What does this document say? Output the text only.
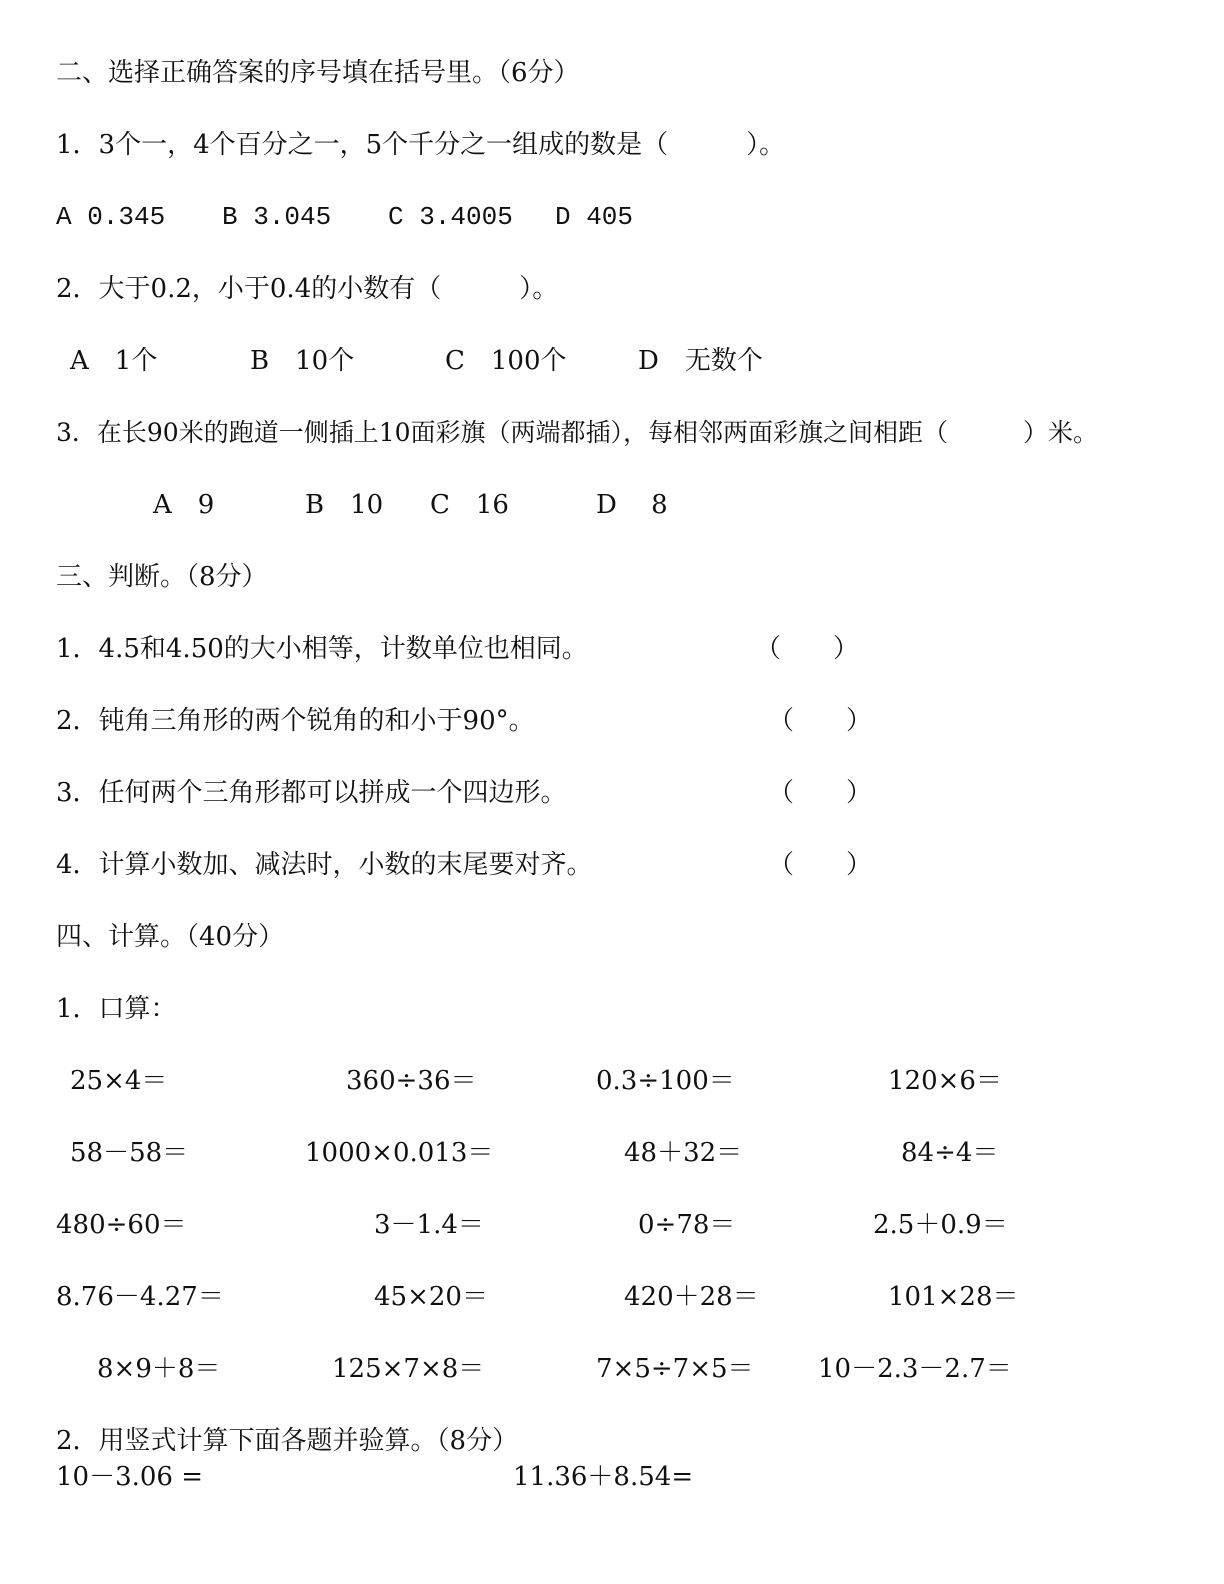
二、选择正确答案的序号填在括号里。（6分）
1．3个一，4个百分之一，5个千分之一组成的数是（　　　）。
A 0.345 B 3.045 C 3.4005 D 405
2．大于0.2，小于0.4的小数有（　　　）。
A　1个	B　10个	C　100个	D　无数个
3．在长90米的跑道一侧插上10面彩旗（两端都插），每相邻两面彩旗之间相距（　　　）米。
A　9	B　10 C　16	D　 8
三、判断。（8分）
1．4.5和4.50的大小相等，计数单位也相同。	（　　）
2．钝角三角形的两个锐角的和小于90°。	（　　）
3．任何两个三角形都可以拼成一个四边形。	（　　）
4．计算小数加、减法时，小数的末尾要对齐。	（　　）
四、计算。（40分）
1．口算：
25×4＝	360÷36＝	0.3÷100＝	120×6＝
58－58＝	1000×0.013＝	48＋32＝	84÷4＝
480÷60＝	3－1.4＝	0÷78＝	2.5＋0.9＝
8.76－4.27＝	45×20＝	420＋28＝	101×28＝
8×9＋8＝	125×7×8＝	7×5÷7×5＝ 10－2.3－2.7＝
2．用竖式计算下面各题并验算。（8分）
10－3.06 =	11.36＋8.54=
